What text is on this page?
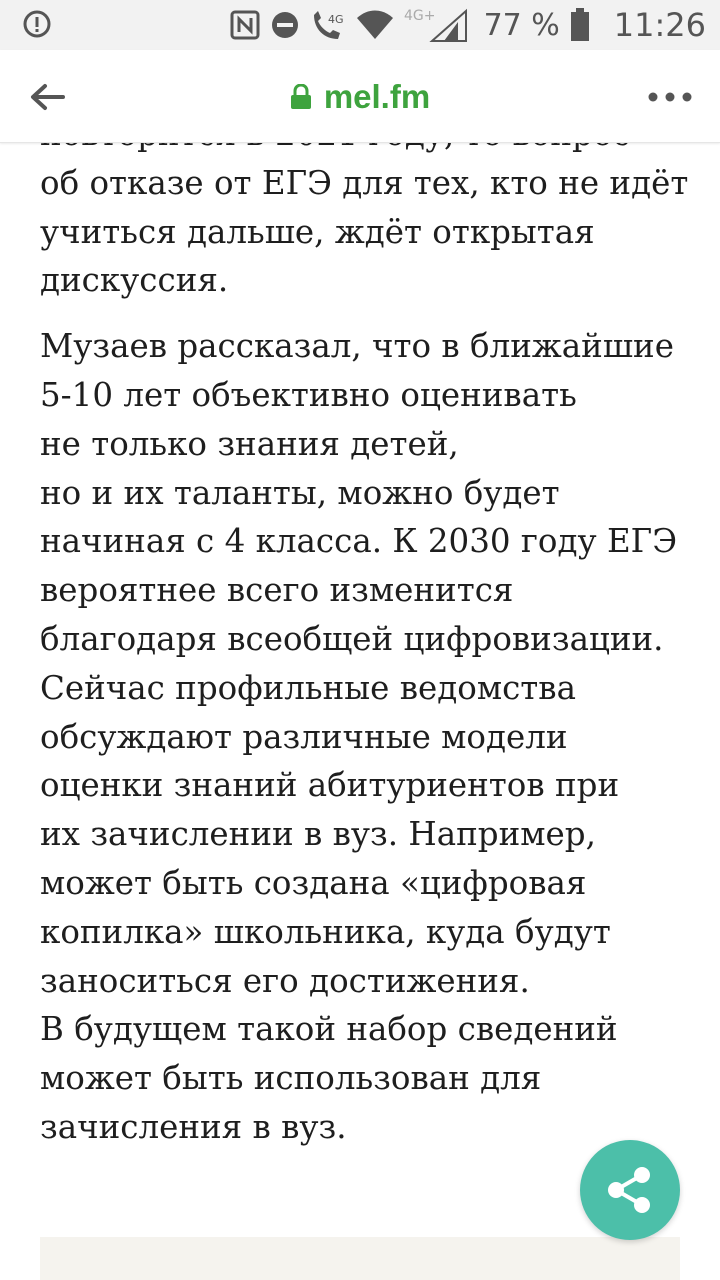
4G	4G+ 77 % 11:26
mel.fm

об отказе от ЕГЭ для тех, кто не идёт
учиться дальше, ждёт открытая
дискуссия.

Музаев рассказал, что в ближайшие
5-10 лет объективно оценивать
не только знания детей,
но и их таланты, можно будет
начиная с 4 класса. К 2030 году ЕГЭ
вероятнее всего изменится
благодаря всеобщей цифровизации.
Сейчас профильные ведомства
обсуждают различные модели
оценки знаний абитуриентов при
их зачислении в вуз. Например,
может быть создана «цифровая
копилка» школьника, куда будут
заноситься его достижения.
В будущем такой набор сведений
может быть использован для
зачисления в вуз.
